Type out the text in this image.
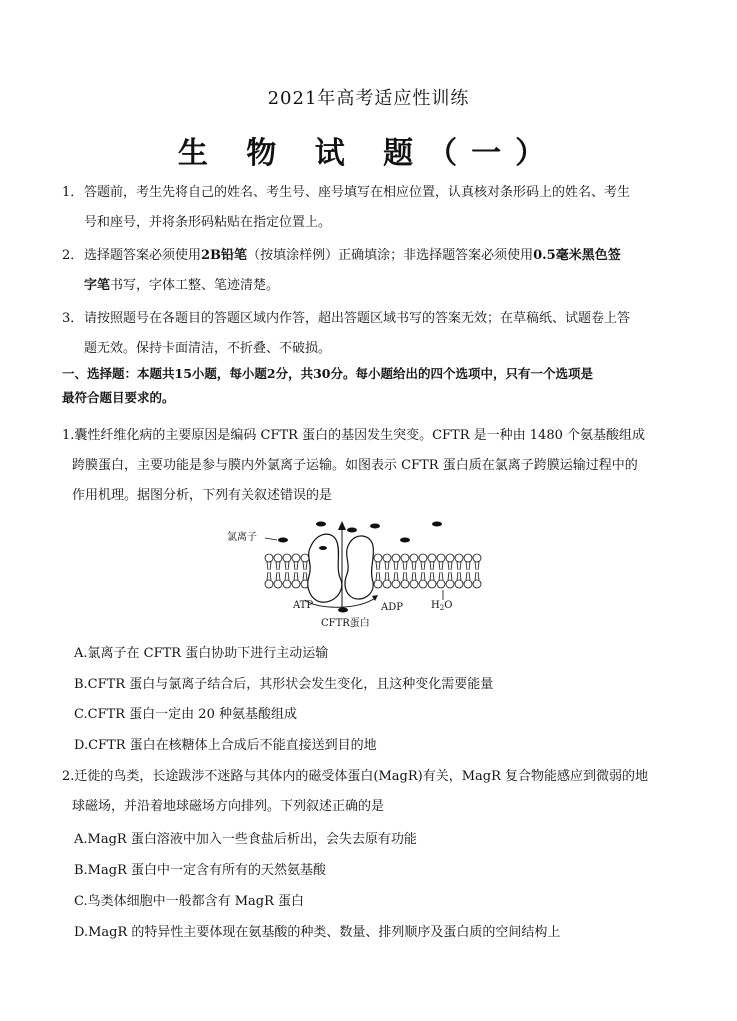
2021年高考适应性训练
生 物 试 题（一）
1．答题前，考生先将自己的姓名、考生号、座号填写在相应位置，认真核对条形码上的姓名、考生
号和座号，并将条形码粘贴在指定位置上。
2．选择题答案必须使用2B铅笔（按填涂样例）正确填涂；非选择题答案必须使用0.5毫米黑色签
字笔书写，字体工整、笔迹清楚。
3．请按照题号在各题目的答题区域内作答，超出答题区域书写的答案无效；在草稿纸、试题卷上答
题无效。保持卡面清洁，不折叠、不破损。
一、选择题：本题共15小题，每小题2分，共30分。每小题给出的四个选项中，只有一个选项是
最符合题目要求的。
1.囊性纤维化病的主要原因是编码 CFTR 蛋白的基因发生突变。CFTR 是一种由 1480 个氨基酸组成
跨膜蛋白，主要功能是参与膜内外氯离子运输。如图表示 CFTR 蛋白质在氯离子跨膜运输过程中的
作用机理。据图分析，下列有关叙述错误的是
氯离子
ATP	ADP	$H_2O$
CFTR蛋白
A.氯离子在 CFTR 蛋白协助下进行主动运输
B.CFTR 蛋白与氯离子结合后，其形状会发生变化，且这种变化需要能量
C.CFTR 蛋白一定由 20 种氨基酸组成
D.CFTR 蛋白在核糖体上合成后不能直接送到目的地
2.迁徙的鸟类，长途跋涉不迷路与其体内的磁受体蛋白(MagR)有关，MagR 复合物能感应到微弱的地
球磁场，并沿着地球磁场方向排列。下列叙述正确的是
A.MagR 蛋白溶液中加入一些食盐后析出，会失去原有功能
B.MagR 蛋白中一定含有所有的天然氨基酸
C.鸟类体细胞中一般都含有 MagR 蛋白
D.MagR 的特异性主要体现在氨基酸的种类、数量、排列顺序及蛋白质的空间结构上
